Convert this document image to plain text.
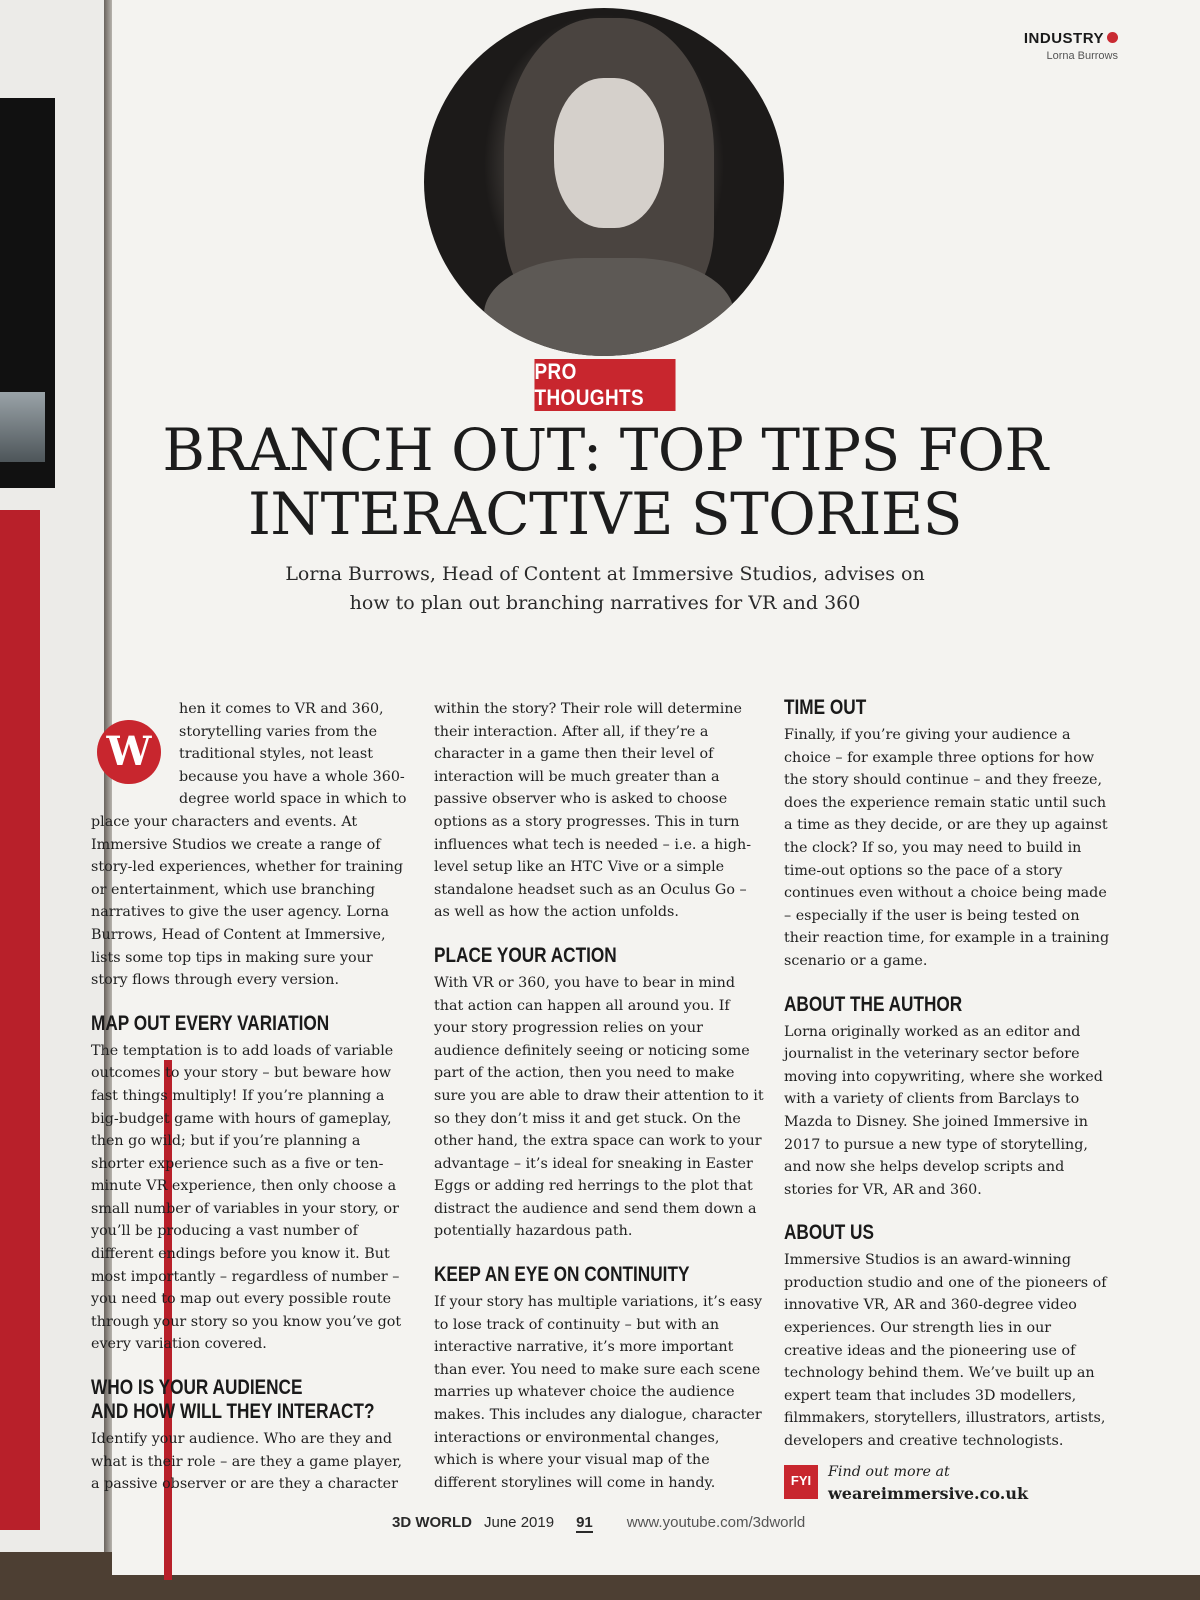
INDUSTRY
Lorna Burrows
PRO THOUGHTS
BRANCH OUT: TOP TIPS FOR
INTERACTIVE STORIES
Lorna Burrows, Head of Content at Immersive Studios, advises on
how to plan out branching narratives for VR and 360
W

hen it comes to VR and 360, storytelling varies from the traditional styles, not least because you have a whole 360-degree world space in which to place your characters and events. At Immersive Studios we create a range of story-led experiences, whether for training or entertainment, which use branching narratives to give the user agency. Lorna Burrows, Head of Content at Immersive, lists some top tips in making sure your story flows through every version.

MAP OUT EVERY VARIATION

The temptation is to add loads of variable outcomes to your story – but beware how fast things multiply! If you’re planning a big-budget game with hours of gameplay, then go wild; but if you’re planning a shorter experience such as a five or ten-minute VR experience, then only choose a small number of variables in your story, or you’ll be producing a vast number of different endings before you know it. But most importantly – regardless of number – you need to map out every possible route through your story so you know you’ve got every variation covered.

WHO IS YOUR AUDIENCE
AND HOW WILL THEY INTERACT?

Identify your audience. Who are they and what is their role – are they a game player, a passive observer or are they a character

within the story? Their role will determine their interaction. After all, if they’re a character in a game then their level of interaction will be much greater than a passive observer who is asked to choose options as a story progresses. This in turn influences what tech is needed – i.e. a high-level setup like an HTC Vive or a simple standalone headset such as an Oculus Go – as well as how the action unfolds.

PLACE YOUR ACTION

With VR or 360, you have to bear in mind that action can happen all around you. If your story progression relies on your audience definitely seeing or noticing some part of the action, then you need to make sure you are able to draw their attention to it so they don’t miss it and get stuck. On the other hand, the extra space can work to your advantage – it’s ideal for sneaking in Easter Eggs or adding red herrings to the plot that distract the audience and send them down a potentially hazardous path.

KEEP AN EYE ON CONTINUITY

If your story has multiple variations, it’s easy to lose track of continuity – but with an interactive narrative, it’s more important than ever. You need to make sure each scene marries up whatever choice the audience makes. This includes any dialogue, character interactions or environmental changes, which is where your visual map of the different storylines will come in handy.

TIME OUT

Finally, if you’re giving your audience a choice – for example three options for how the story should continue – and they freeze, does the experience remain static until such a time as they decide, or are they up against the clock? If so, you may need to build in time-out options so the pace of a story continues even without a choice being made – especially if the user is being tested on their reaction time, for example in a training scenario or a game.

ABOUT THE AUTHOR

Lorna originally worked as an editor and journalist in the veterinary sector before moving into copywriting, where she worked with a variety of clients from Barclays to Mazda to Disney. She joined Immersive in 2017 to pursue a new type of storytelling, and now she helps develop scripts and stories for VR, AR and 360.

ABOUT US

Immersive Studios is an award-winning production studio and one of the pioneers of innovative VR, AR and 360-degree video experiences. Our strength lies in our creative ideas and the pioneering use of technology behind them. We’ve built up an expert team that includes 3D modellers, filmmakers, storytellers, illustrators, artists, developers and creative technologists.

FYI
Find out more at
weareimmersive.co.uk
3D WORLD June 2019 91 www.youtube.com/3dworld
